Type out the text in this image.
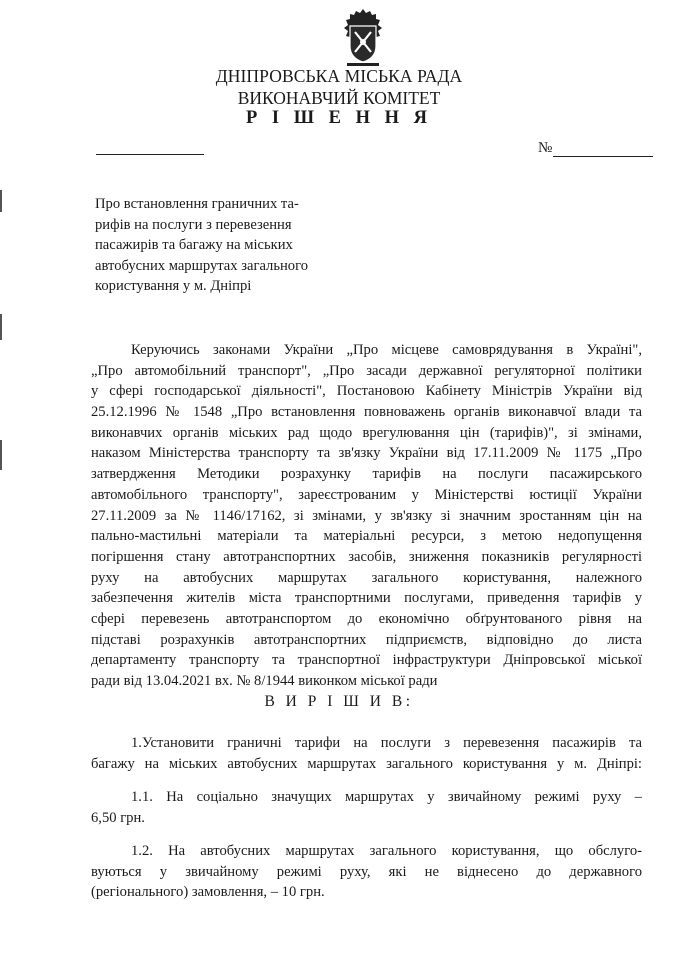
ДНІПРОВСЬКА МІСЬКА РАДА

ВИКОНАВЧИЙ КОМІТЕТ

Р І Ш Е Н Н Я

№
Про встановлення граничних та-
рифів на послуги з перевезення
пасажирів та багажу на міських
автобусних маршрутах загального
користування у м. Дніпрі
Керуючись законами України „Про місцеве самоврядування в Україні",
„Про автомобільний транспорт", „Про засади державної регуляторної політики
у сфері господарської діяльності", Постановою Кабінету Міністрів України від
25.12.1996 № 1548 „Про встановлення повноважень органів виконавчої влади та
виконавчих органів міських рад щодо врегулювання цін (тарифів)", зі змінами,
наказом Міністерства транспорту та зв'язку України від 17.11.2009 № 1175 „Про
затвердження Методики розрахунку тарифів на послуги пасажирського
автомобільного транспорту", зареєстрованим у Міністерстві юстиції України
27.11.2009 за № 1146/17162, зі змінами, у зв'язку зі значним зростанням цін на
пально-мастильні матеріали та матеріальні ресурси, з метою недопущення
погіршення стану автотранспортних засобів, зниження показників регулярності
руху на автобусних маршрутах загального користування, належного
забезпечення жителів міста транспортними послугами, приведення тарифів у
сфері перевезень автотранспортом до економічно обґрунтованого рівня на
підставі розрахунків автотранспортних підприємств, відповідно до листа
департаменту транспорту та транспортної інфраструктури Дніпровської міської
ради від 13.04.2021 вх. № 8/1944 виконком міської ради
В И Р І Ш И В:
1.Установити граничні тарифи на послуги з перевезення пасажирів та
багажу на міських автобусних маршрутах загального користування у м. Дніпрі:
1.1. На соціально значущих маршрутах у звичайному режимі руху –
6,50 грн.
1.2. На автобусних маршрутах загального користування, що обслуго-
вуються у звичайному режимі руху, які не віднесено до державного
(регіонального) замовлення, – 10 грн.
